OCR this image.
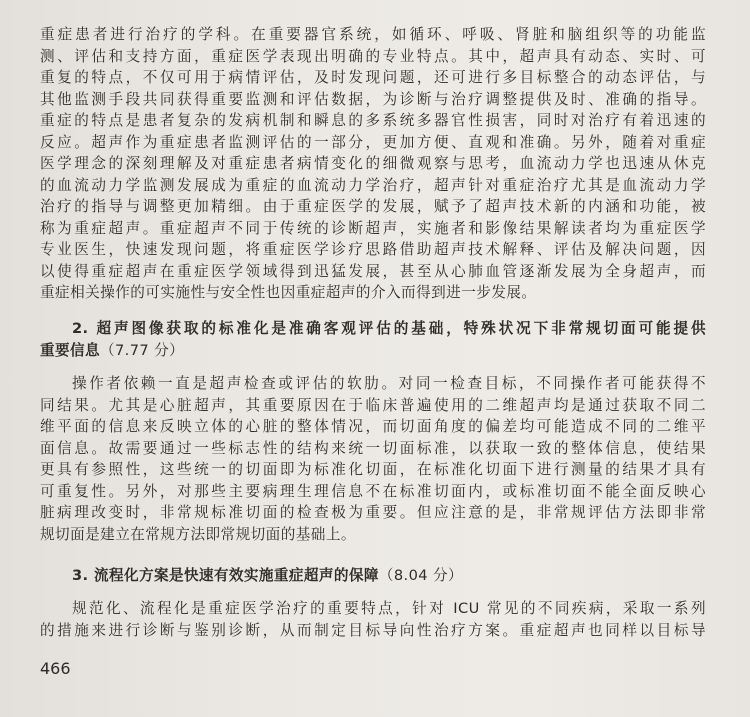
重症患者进行治疗的学科。在重要器官系统，如循环、呼吸、肾脏和脑组织等的功能监
测、评估和支持方面，重症医学表现出明确的专业特点。其中，超声具有动态、实时、可
重复的特点，不仅可用于病情评估，及时发现问题，还可进行多目标整合的动态评估，与
其他监测手段共同获得重要监测和评估数据，为诊断与治疗调整提供及时、准确的指导。
重症的特点是患者复杂的发病机制和瞬息的多系统多器官性损害，同时对治疗有着迅速的
反应。超声作为重症患者监测评估的一部分，更加方便、直观和准确。另外，随着对重症
医学理念的深刻理解及对重症患者病情变化的细微观察与思考，血流动力学也迅速从休克
的血流动力学监测发展成为重症的血流动力学治疗，超声针对重症治疗尤其是血流动力学
治疗的指导与调整更加精细。由于重症医学的发展，赋予了超声技术新的内涵和功能，被
称为重症超声。重症超声不同于传统的诊断超声，实施者和影像结果解读者均为重症医学
专业医生，快速发现问题，将重症医学诊疗思路借助超声技术解释、评估及解决问题，因
以使得重症超声在重症医学领域得到迅猛发展，甚至从心肺血管逐渐发展为全身超声，而
重症相关操作的可实施性与安全性也因重症超声的介入而得到进一步发展。
2. 超声图像获取的标准化是准确客观评估的基础，特殊状况下非常规切面可能提供
重要信息（7.77 分）
操作者依赖一直是超声检查或评估的软肋。对同一检查目标，不同操作者可能获得不
同结果。尤其是心脏超声，其重要原因在于临床普遍使用的二维超声均是通过获取不同二
维平面的信息来反映立体的心脏的整体情况，而切面角度的偏差均可能造成不同的二维平
面信息。故需要通过一些标志性的结构来统一切面标准，以获取一致的整体信息，使结果
更具有参照性，这些统一的切面即为标准化切面，在标准化切面下进行测量的结果才具有
可重复性。另外，对那些主要病理生理信息不在标准切面内，或标准切面不能全面反映心
脏病理改变时，非常规标准切面的检查极为重要。但应注意的是，非常规评估方法即非常
规切面是建立在常规方法即常规切面的基础上。
3. 流程化方案是快速有效实施重症超声的保障（8.04 分）
规范化、流程化是重症医学治疗的重要特点，针对 ICU 常见的不同疾病，采取一系列
的措施来进行诊断与鉴别诊断，从而制定目标导向性治疗方案。重症超声也同样以目标导
466
